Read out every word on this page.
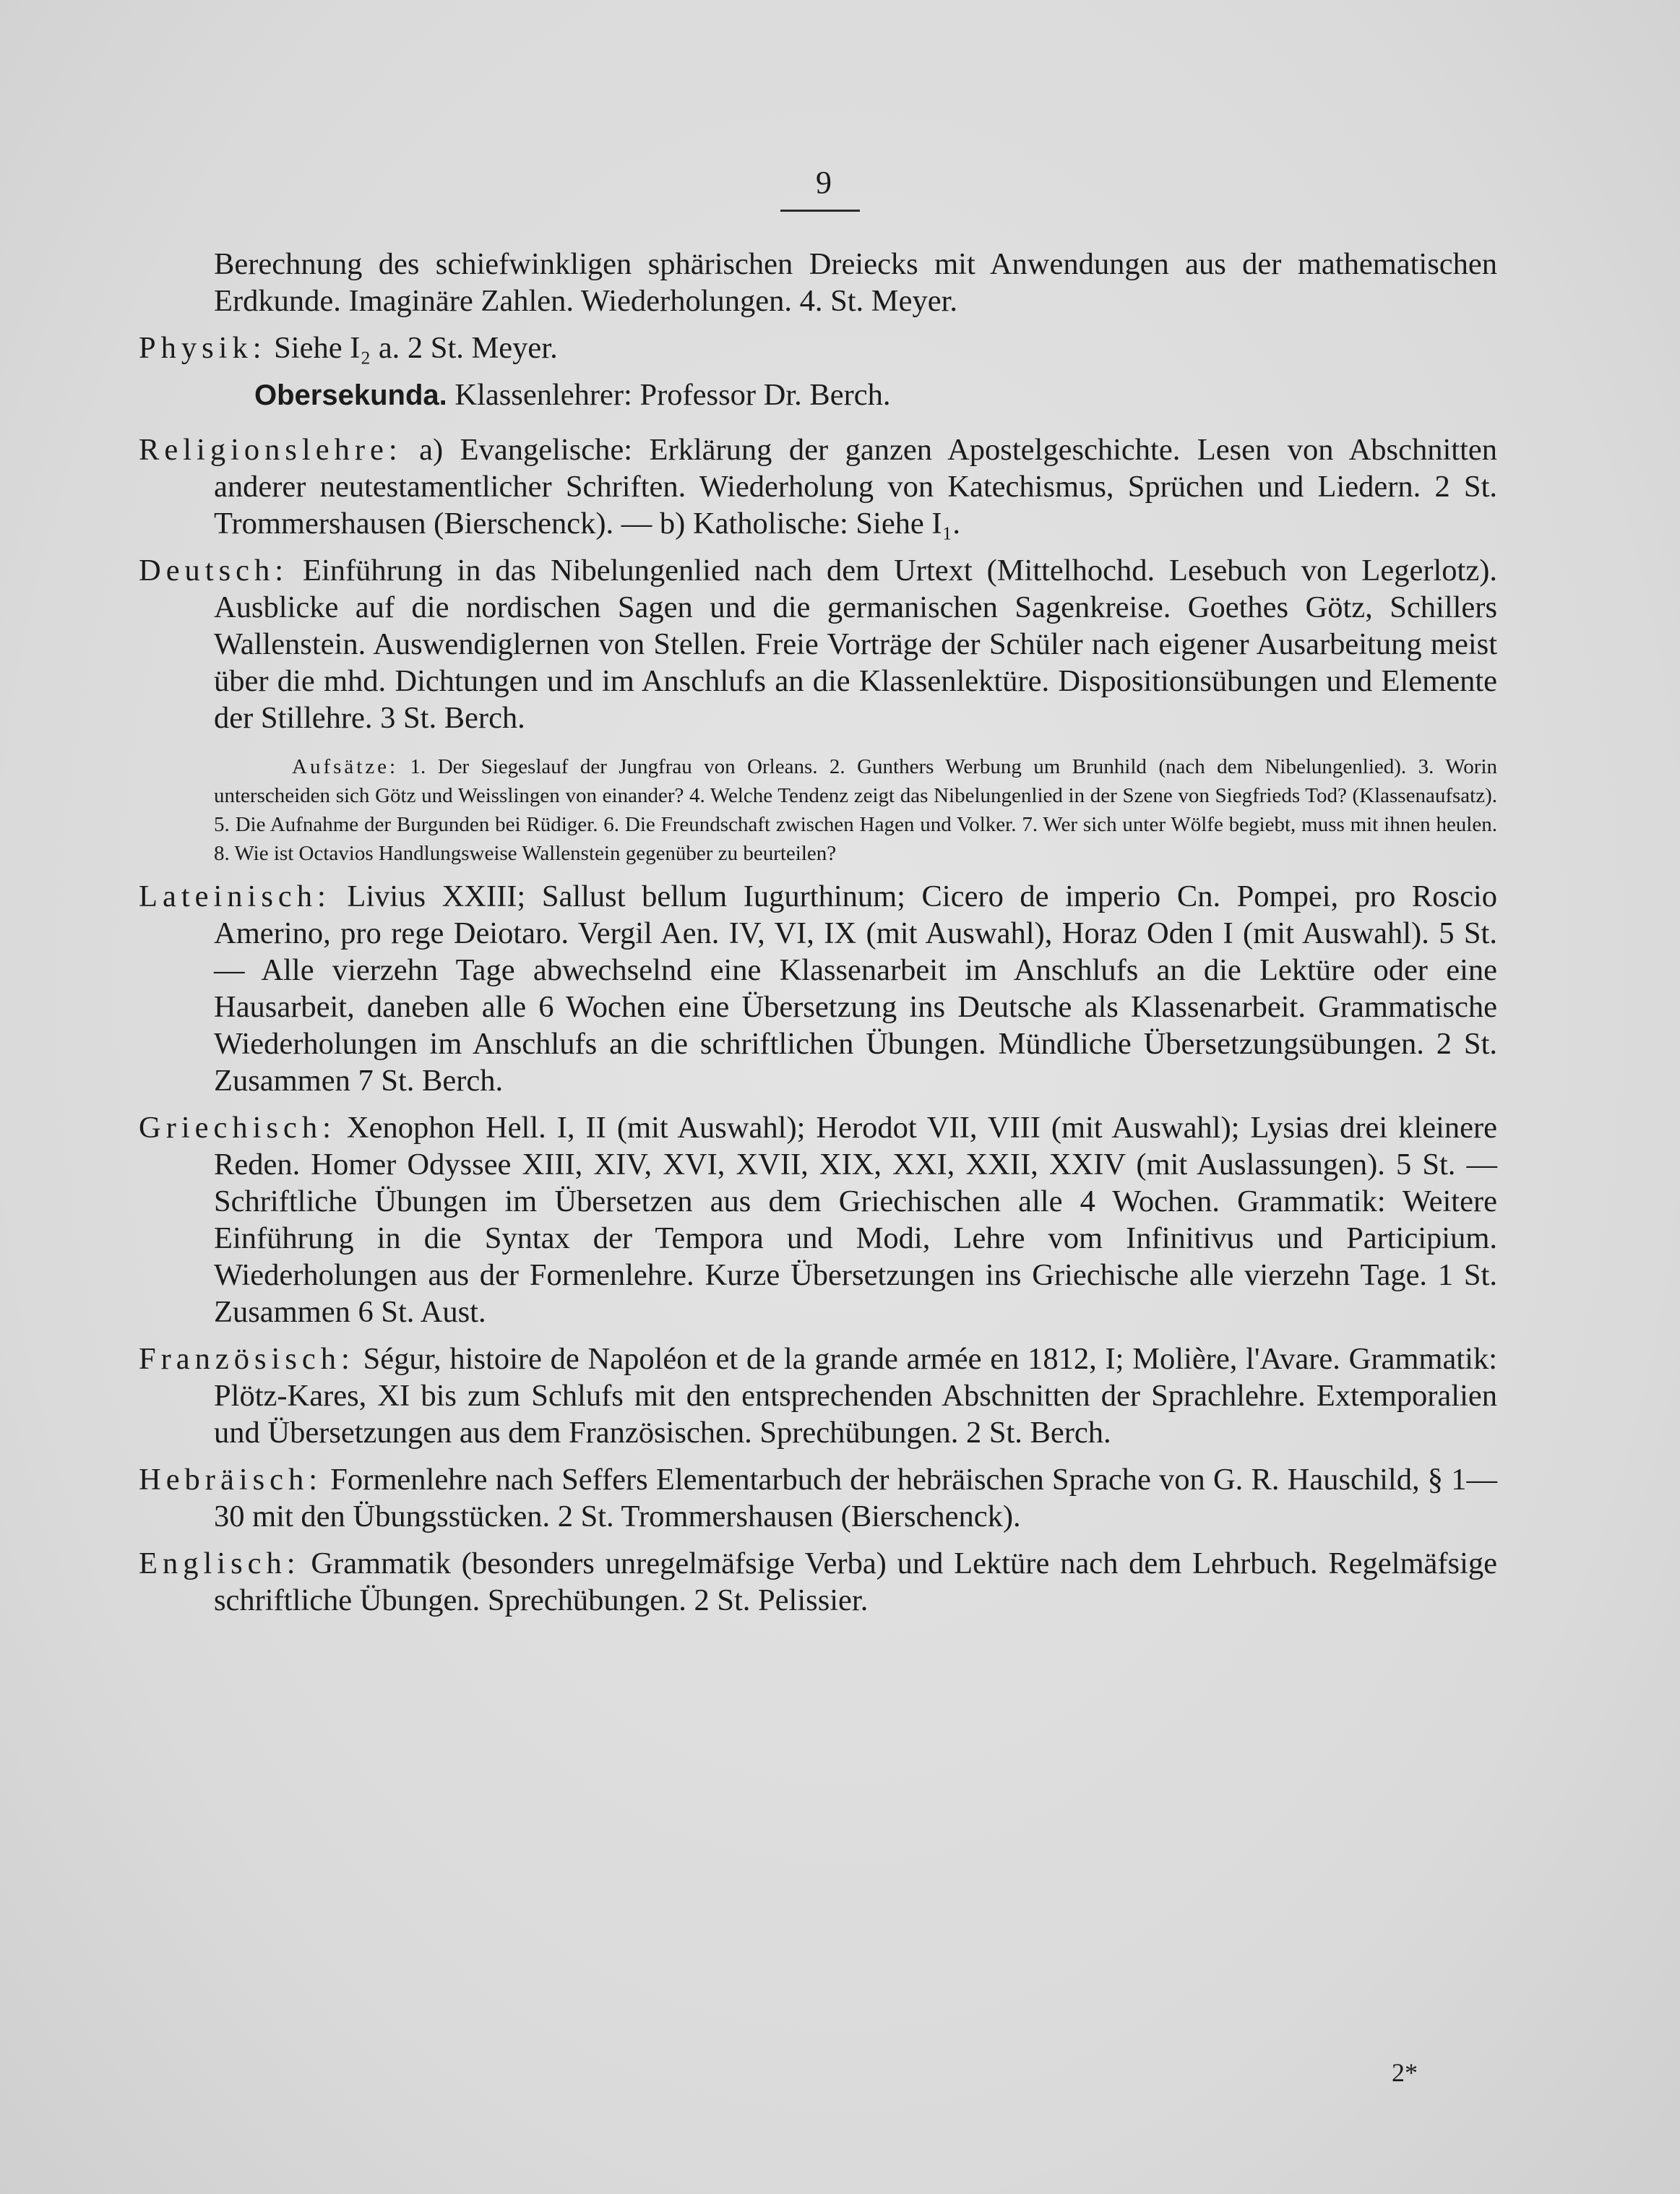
9

Berechnung des schiefwinkligen sphärischen Dreiecks mit Anwendungen aus der mathematischen Erdkunde. Imaginäre Zahlen. Wiederholungen. 4. St. Meyer.

Physik: Siehe I₂ a. 2 St. Meyer.

Obersekunda. Klassenlehrer: Professor Dr. Berch.

Religionslehre: a) Evangelische: Erklärung der ganzen Apostelgeschichte. Lesen von Abschnitten anderer neutestamentlicher Schriften. Wiederholung von Katechismus, Sprüchen und Liedern. 2 St. Trommershausen (Bierschenck). — b) Katholische: Siehe I₁.

Deutsch: Einführung in das Nibelungenlied nach dem Urtext (Mittelhochd. Lesebuch von Legerlotz). Ausblicke auf die nordischen Sagen und die germanischen Sagenkreise. Goethes Götz, Schillers Wallenstein. Auswendiglernen von Stellen. Freie Vorträge der Schüler nach eigener Ausarbeitung meist über die mhd. Dichtungen und im Anschlufs an die Klassenlektüre. Dispositionsübungen und Elemente der Stillehre. 3 St. Berch.

Aufsätze: 1. Der Siegeslauf der Jungfrau von Orleans. 2. Gunthers Werbung um Brunhild (nach dem Nibelungenlied). 3. Worin unterscheiden sich Götz und Weisslingen von einander? 4. Welche Tendenz zeigt das Nibelungenlied in der Szene von Siegfrieds Tod? (Klassenaufsatz). 5. Die Aufnahme der Burgunden bei Rüdiger. 6. Die Freundschaft zwischen Hagen und Volker. 7. Wer sich unter Wölfe begiebt, muss mit ihnen heulen. 8. Wie ist Octavios Handlungsweise Wallenstein gegenüber zu beurteilen?

Lateinisch: Livius XXIII; Sallust bellum Iugurthinum; Cicero de imperio Cn. Pompei, pro Roscio Amerino, pro rege Deiotaro. Vergil Aen. IV, VI, IX (mit Auswahl), Horaz Oden I (mit Auswahl). 5 St. — Alle vierzehn Tage abwechselnd eine Klassenarbeit im Anschlufs an die Lektüre oder eine Hausarbeit, daneben alle 6 Wochen eine Übersetzung ins Deutsche als Klassenarbeit. Grammatische Wiederholungen im Anschlufs an die schriftlichen Übungen. Mündliche Übersetzungsübungen. 2 St. Zusammen 7 St. Berch.

Griechisch: Xenophon Hell. I, II (mit Auswahl); Herodot VII, VIII (mit Auswahl); Lysias drei kleinere Reden. Homer Odyssee XIII, XIV, XVI, XVII, XIX, XXI, XXII, XXIV (mit Auslassungen). 5 St. — Schriftliche Übungen im Übersetzen aus dem Griechischen alle 4 Wochen. Grammatik: Weitere Einführung in die Syntax der Tempora und Modi, Lehre vom Infinitivus und Participium. Wiederholungen aus der Formenlehre. Kurze Übersetzungen ins Griechische alle vierzehn Tage. 1 St. Zusammen 6 St. Aust.

Französisch: Ségur, histoire de Napoléon et de la grande armée en 1812, I; Molière, l'Avare. Grammatik: Plötz-Kares, XI bis zum Schlufs mit den entsprechenden Abschnitten der Sprachlehre. Extemporalien und Übersetzungen aus dem Französischen. Sprechübungen. 2 St. Berch.

Hebräisch: Formenlehre nach Seffers Elementarbuch der hebräischen Sprache von G. R. Hauschild, § 1—30 mit den Übungsstücken. 2 St. Trommershausen (Bierschenck).

Englisch: Grammatik (besonders unregelmäfsige Verba) und Lektüre nach dem Lehrbuch. Regelmäfsige schriftliche Übungen. Sprechübungen. 2 St. Pelissier.

2*
